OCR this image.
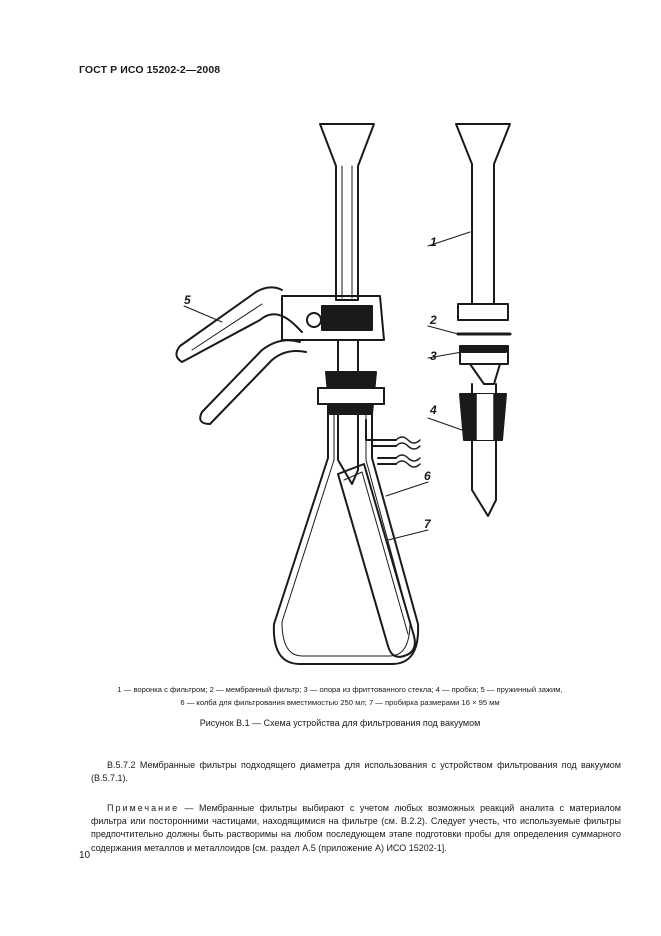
ГОСТ Р ИСО 15202-2—2008
1
2
3
4
5
6
7
1 — воронка с фильтром; 2 — мембранный фильтр; 3 — опора из фриттованного стекла; 4 — пробка; 5 — пружинный зажим,
6 — колба для фильтрования вместимостью 250 мл; 7 — пробирка размерами 16 × 95 мм
Рисунок В.1 — Схема устройства для фильтрования под вакуумом
В.5.7.2 Мембранные фильтры подходящего диаметра для использования с устройством фильтрования под вакуумом (В.5.7.1).
Примечание — Мембранные фильтры выбирают с учетом любых возможных реакций аналита с материалом фильтра или посторонними частицами, находящимися на фильтре (см. В.2.2). Следует учесть, что используемые фильтры предпочтительно должны быть растворимы на любом последующем этапе подготовки пробы для определения суммарного содержания металлов и металлоидов [см. раздел А.5 (приложение А) ИСО 15202-1].
10
